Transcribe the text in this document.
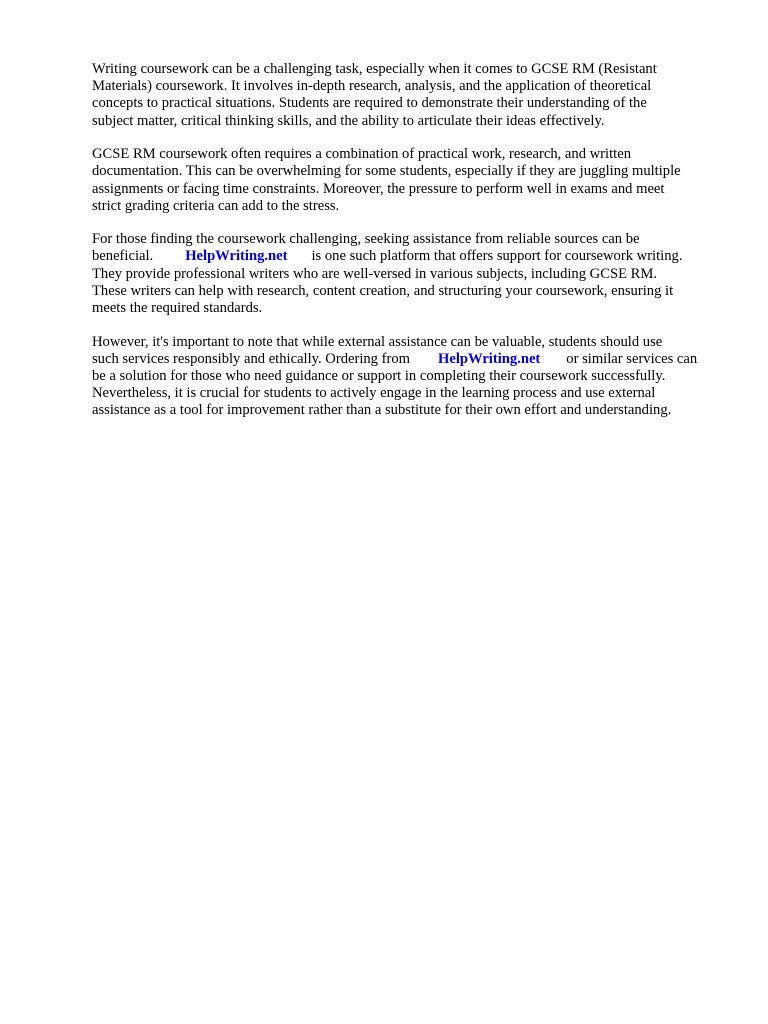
Writing coursework can be a challenging task, especially when it comes to GCSE RM (Resistant
Materials) coursework. It involves in-depth research, analysis, and the application of theoretical
concepts to practical situations. Students are required to demonstrate their understanding of the
subject matter, critical thinking skills, and the ability to articulate their ideas effectively.

GCSE RM coursework often requires a combination of practical work, research, and written
documentation. This can be overwhelming for some students, especially if they are juggling multiple
assignments or facing time constraints. Moreover, the pressure to perform well in exams and meet
strict grading criteria can add to the stress.

For those finding the coursework challenging, seeking assistance from reliable sources can be
beneficial. HelpWriting.net is one such platform that offers support for coursework writing.
They provide professional writers who are well-versed in various subjects, including GCSE RM.
These writers can help with research, content creation, and structuring your coursework, ensuring it
meets the required standards.

However, it's important to note that while external assistance can be valuable, students should use
such services responsibly and ethically. Ordering from HelpWriting.net or similar services can
be a solution for those who need guidance or support in completing their coursework successfully.
Nevertheless, it is crucial for students to actively engage in the learning process and use external
assistance as a tool for improvement rather than a substitute for their own effort and understanding.
